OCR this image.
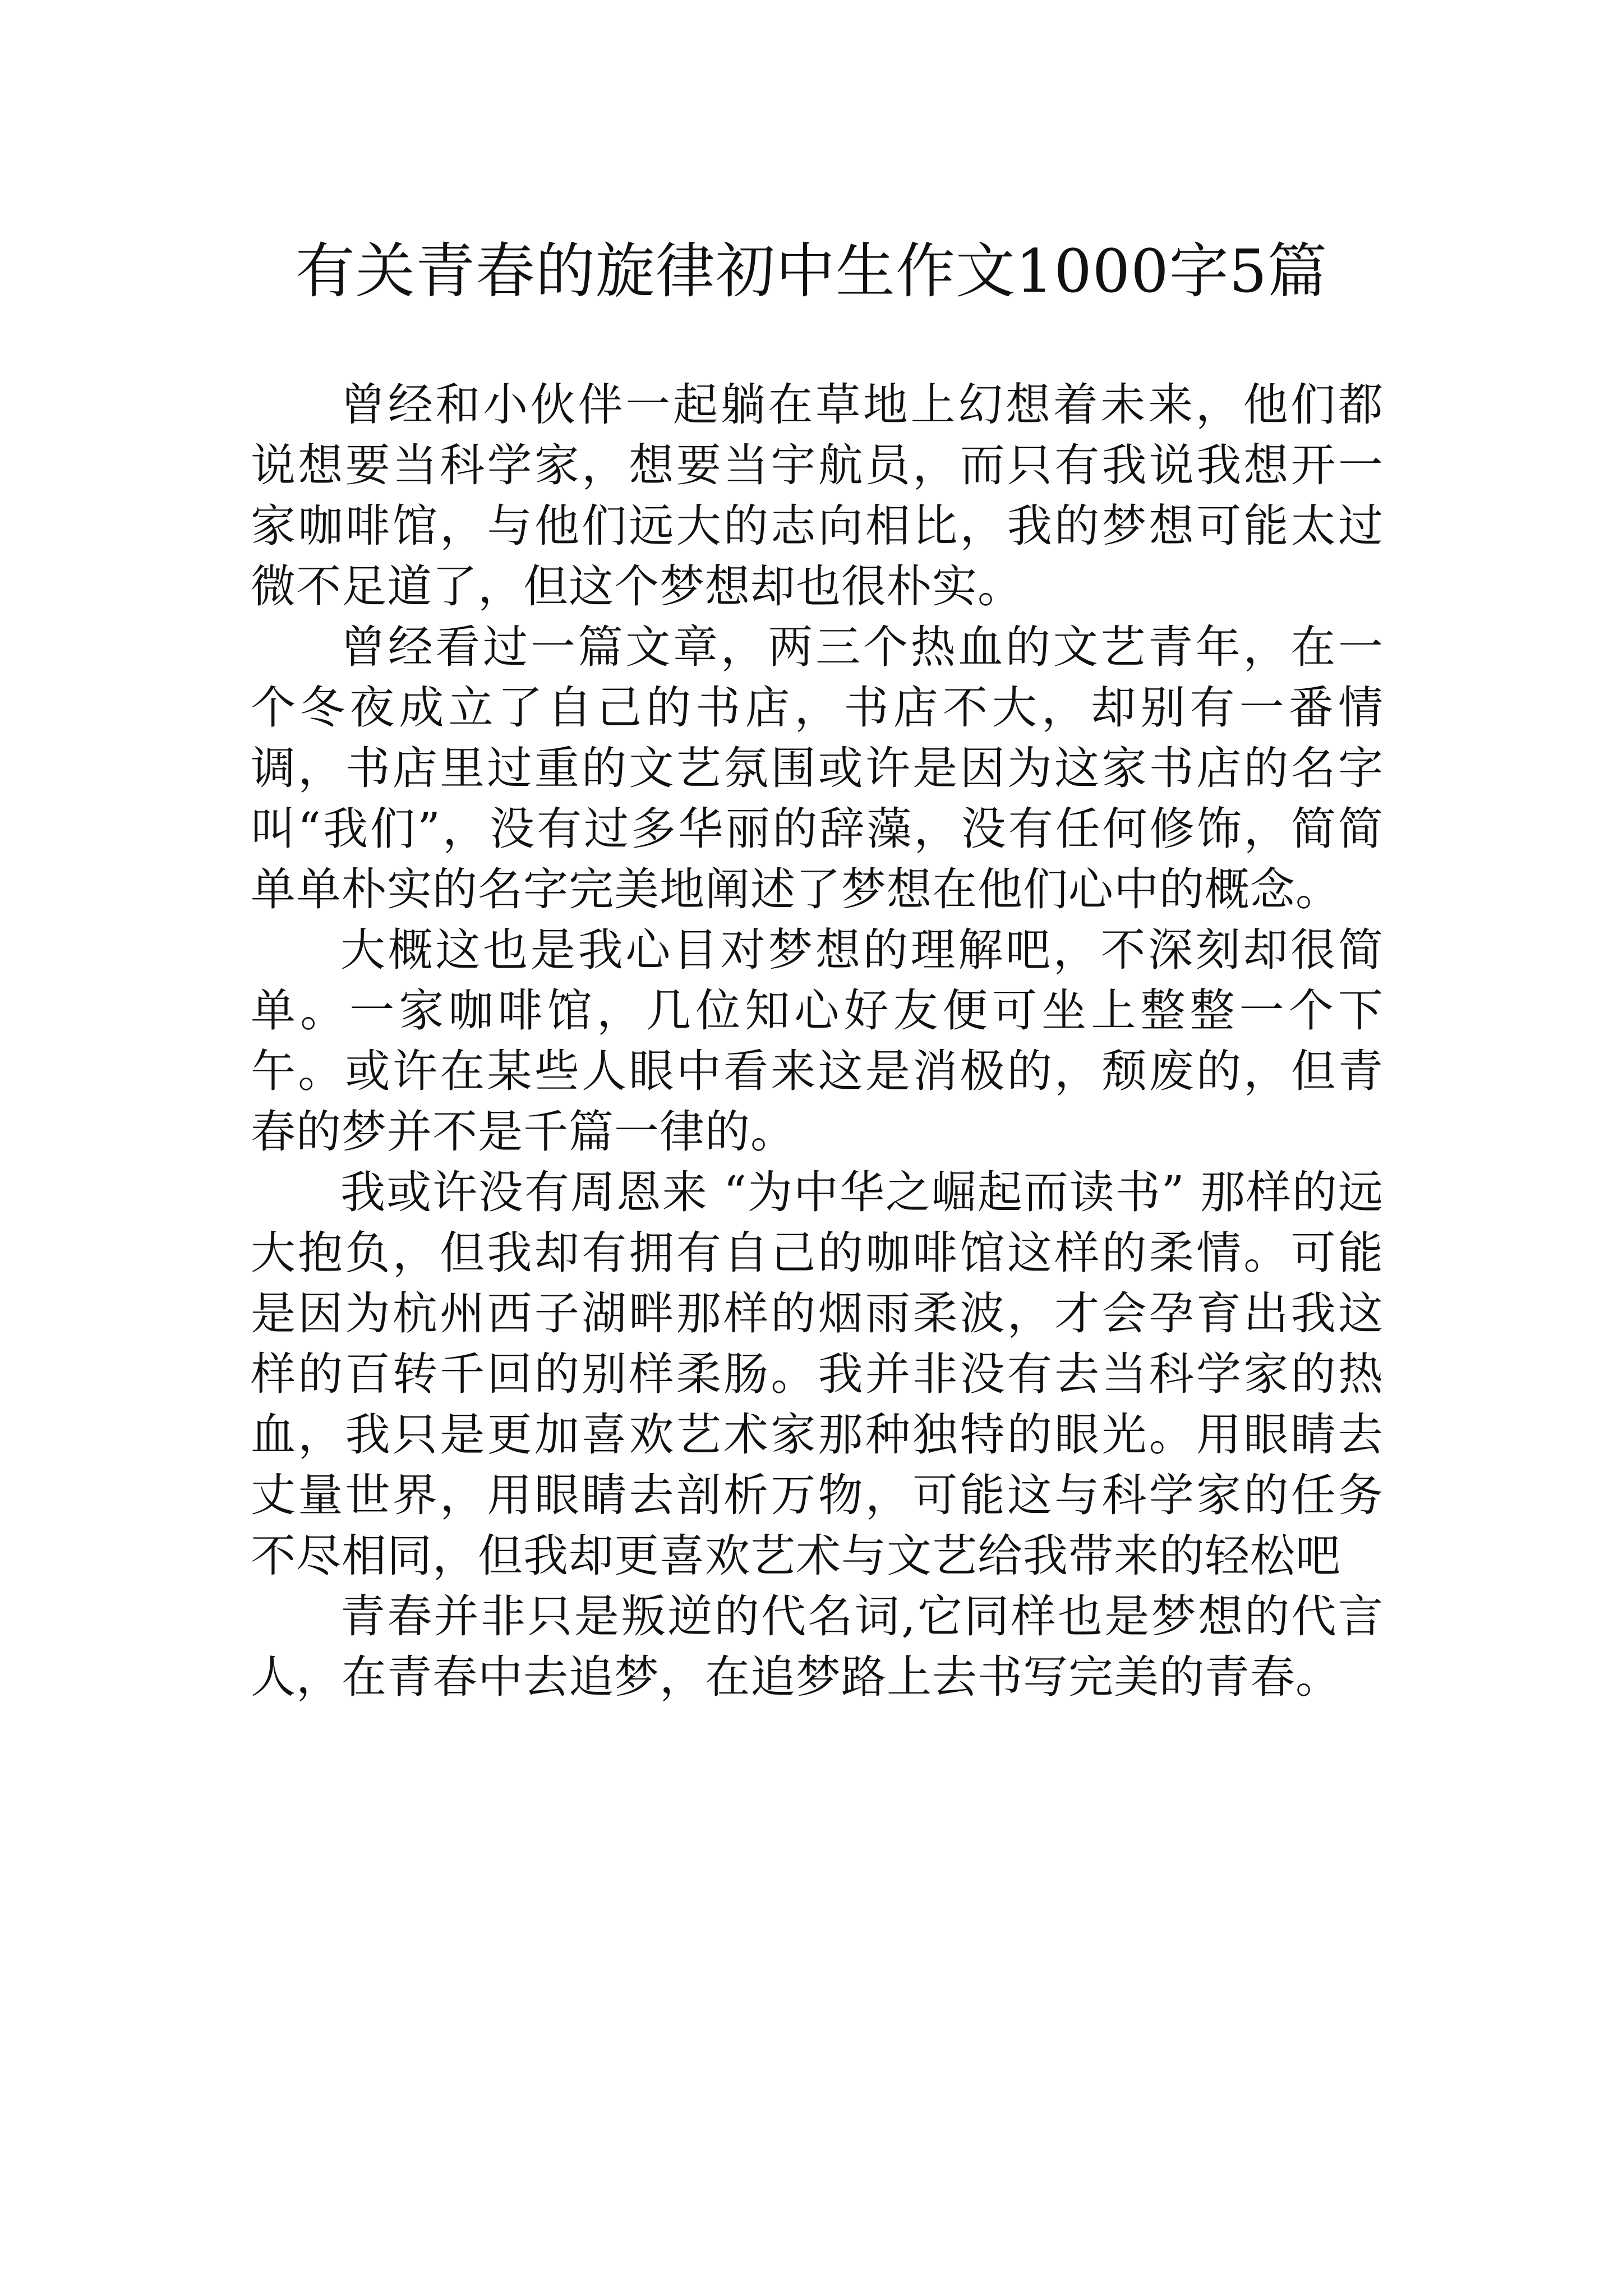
有关青春的旋律初中生作文1000字5篇

曾经和小伙伴一起躺在草地上幻想着未来，他们都说想要当科学家，想要当宇航员，而只有我说我想开一家咖啡馆，与他们远大的志向相比，我的梦想可能太过微不足道了，但这个梦想却也很朴实。

曾经看过一篇文章，两三个热血的文艺青年，在一个冬夜成立了自己的书店，书店不大，却别有一番情调，书店里过重的文艺氛围或许是因为这家书店的名字叫“我们”，没有过多华丽的辞藻，没有任何修饰，简简单单朴实的名字完美地阐述了梦想在他们心中的概念。

大概这也是我心目对梦想的理解吧，不深刻却很简单。一家咖啡馆，几位知心好友便可坐上整整一个下午。或许在某些人眼中看来这是消极的，颓废的，但青春的梦并不是千篇一律的。

我或许没有周恩来 “为中华之崛起而读书” 那样的远大抱负，但我却有拥有自己的咖啡馆这样的柔情。可能是因为杭州西子湖畔那样的烟雨柔波，才会孕育出我这样的百转千回的别样柔肠。我并非没有去当科学家的热血，我只是更加喜欢艺术家那种独特的眼光。用眼睛去丈量世界，用眼睛去剖析万物，可能这与科学家的任务不尽相同，但我却更喜欢艺术与文艺给我带来的轻松吧

青春并非只是叛逆的代名词,它同样也是梦想的代言人，在青春中去追梦，在追梦路上去书写完美的青春。
